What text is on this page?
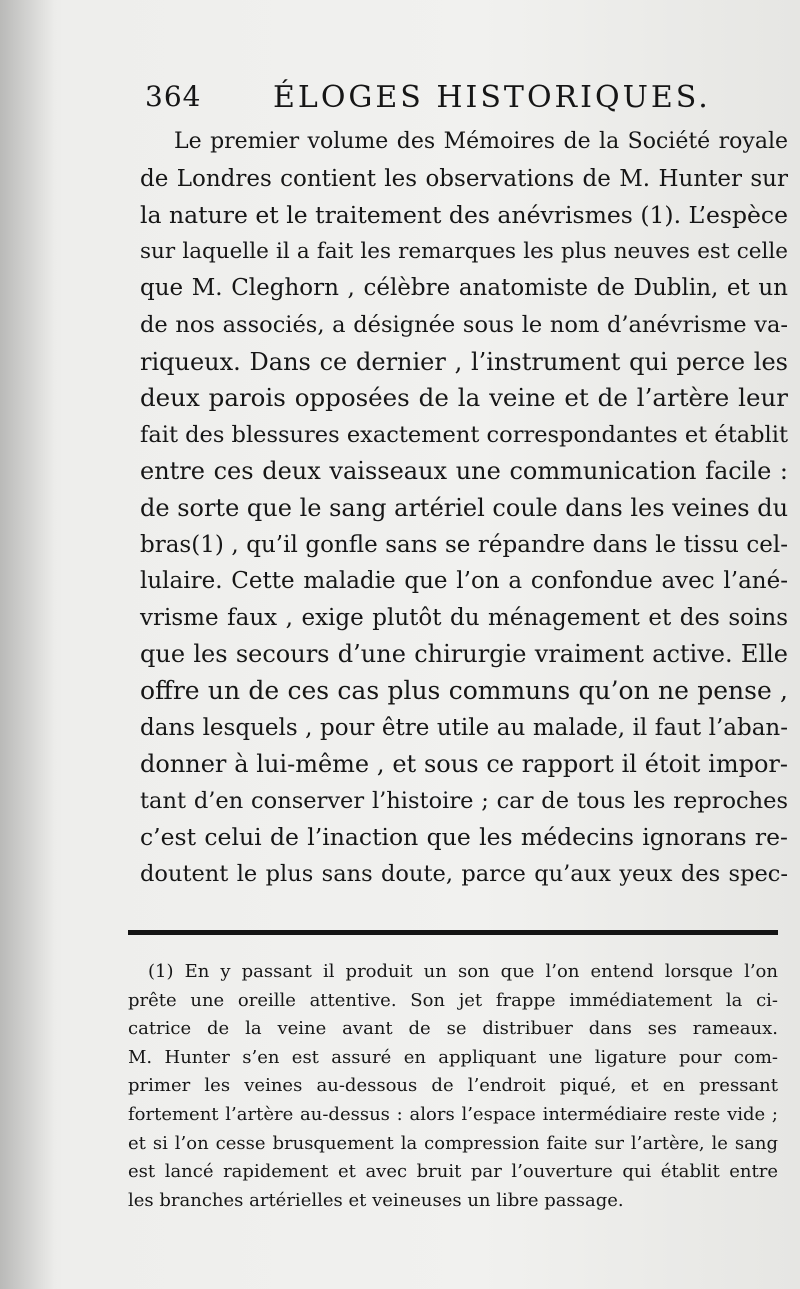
364 ÉLOGES HISTORIQUES.
Le premier volume des Mémoires de la Société royale
de Londres contient les observations de M. Hunter sur
la nature et le traitement des anévrismes (1). L’espèce
sur laquelle il a fait les remarques les plus neuves est celle
que M. Cleghorn , célèbre anatomiste de Dublin, et un
de nos associés, a désignée sous le nom d’anévrisme va-
riqueux. Dans ce dernier , l’instrument qui perce les
deux parois opposées de la veine et de l’artère leur
fait des blessures exactement correspondantes et établit
entre ces deux vaisseaux une communication facile :
de sorte que le sang artériel coule dans les veines du
bras(1) , qu’il gonfle sans se répandre dans le tissu cel-
lulaire. Cette maladie que l’on a confondue avec l’ané-
vrisme faux , exige plutôt du ménagement et des soins
que les secours d’une chirurgie vraiment active. Elle
offre un de ces cas plus communs qu’on ne pense ,
dans lesquels , pour être utile au malade, il faut l’aban-
donner à lui-même , et sous ce rapport il étoit impor-
tant d’en conserver l’histoire ; car de tous les reproches
c’est celui de l’inaction que les médecins ignorans re-
doutent le plus sans doute, parce qu’aux yeux des spec-
(1) En y passant il produit un son que l’on entend lorsque l’on
prête une oreille attentive. Son jet frappe immédiatement la ci-
catrice de la veine avant de se distribuer dans ses rameaux.
M. Hunter s’en est assuré en appliquant une ligature pour com-
primer les veines au-dessous de l’endroit piqué, et en pressant
fortement l’artère au-dessus : alors l’espace intermédiaire reste vide ;
et si l’on cesse brusquement la compression faite sur l’artère, le sang
est lancé rapidement et avec bruit par l’ouverture qui établit entre
les branches artérielles et veineuses un libre passage.
